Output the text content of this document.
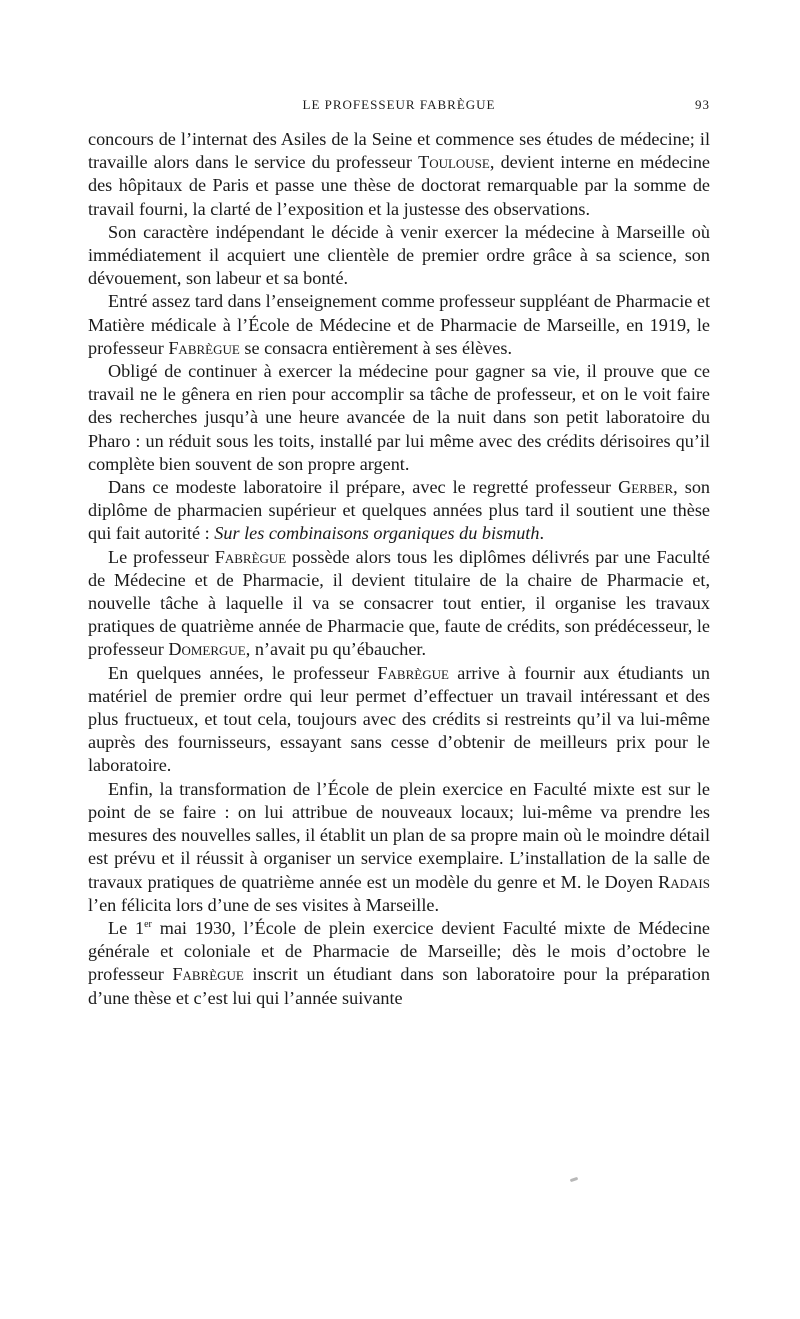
LE PROFESSEUR FABRÈGUE	93

concours de l’internat des Asiles de la Seine et commence ses études de médecine; il travaille alors dans le service du professeur Toulouse, devient interne en médecine des hôpitaux de Paris et passe une thèse de doctorat remarquable par la somme de travail fourni, la clarté de l’exposition et la justesse des observations.

Son caractère indépendant le décide à venir exercer la médecine à Marseille où immédiatement il acquiert une clientèle de premier ordre grâce à sa science, son dévouement, son labeur et sa bonté.

Entré assez tard dans l’enseignement comme professeur suppléant de Pharmacie et Matière médicale à l’École de Médecine et de Pharmacie de Marseille, en 1919, le professeur Fabrègue se consacra entièrement à ses élèves.

Obligé de continuer à exercer la médecine pour gagner sa vie, il prouve que ce travail ne le gênera en rien pour accomplir sa tâche de professeur, et on le voit faire des recherches jusqu’à une heure avancée de la nuit dans son petit laboratoire du Pharo : un réduit sous les toits, installé par lui même avec des crédits dérisoires qu’il complète bien souvent de son propre argent.

Dans ce modeste laboratoire il prépare, avec le regretté professeur Gerber, son diplôme de pharmacien supérieur et quelques années plus tard il soutient une thèse qui fait autorité : Sur les combinaisons organiques du bismuth.

Le professeur Fabrègue possède alors tous les diplômes délivrés par une Faculté de Médecine et de Pharmacie, il devient titulaire de la chaire de Pharmacie et, nouvelle tâche à laquelle il va se consacrer tout entier, il organise les travaux pratiques de quatrième année de Pharmacie que, faute de crédits, son prédécesseur, le professeur Domergue, n’avait pu qu’ébaucher.

En quelques années, le professeur Fabrègue arrive à fournir aux étudiants un matériel de premier ordre qui leur permet d’effectuer un travail intéressant et des plus fructueux, et tout cela, toujours avec des crédits si restreints qu’il va lui-même auprès des fournisseurs, essayant sans cesse d’obtenir de meilleurs prix pour le laboratoire.

Enfin, la transformation de l’École de plein exercice en Faculté mixte est sur le point de se faire : on lui attribue de nouveaux locaux; lui-même va prendre les mesures des nouvelles salles, il établit un plan de sa propre main où le moindre détail est prévu et il réussit à organiser un service exemplaire. L’installation de la salle de travaux pratiques de quatrième année est un modèle du genre et M. le Doyen Radais l’en félicita lors d’une de ses visites à Marseille.

Le 1er mai 1930, l’École de plein exercice devient Faculté mixte de Médecine générale et coloniale et de Pharmacie de Marseille; dès le mois d’octobre le professeur Fabrègue inscrit un étudiant dans son laboratoire pour la préparation d’une thèse et c’est lui qui l’année suivante
